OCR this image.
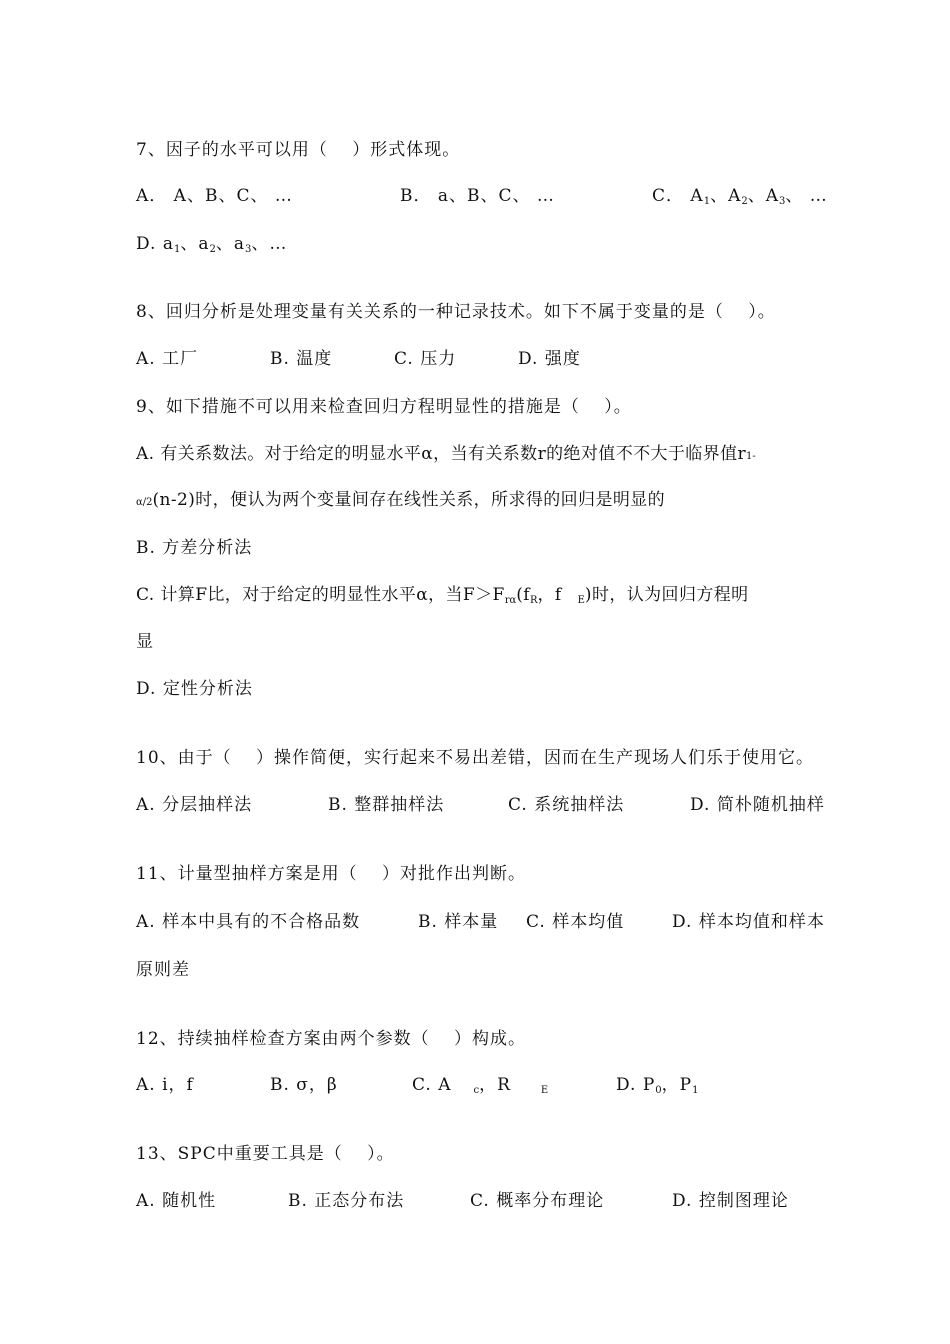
7、因子的水平可以用（　 ）形式体现。
A． A、B、C、 …	B． a、B、C、 …	C． $A_1$、$A_2$、$A_3$、 …
D. $a_1$、$a_2$、$a_3$、…
8、回归分析是处理变量有关关系的一种记录技术。如下不属于变量的是（　 ）。
A. 工厂	B. 温度	C. 压力	D. 强度
9、如下措施不可以用来检查回归方程明显性的措施是（　 ）。
A. 有关系数法。对于给定的明显水平α，当有关系数r的绝对值不不大于临界值r1-
α/2(n-2)时，便认为两个变量间存在线性关系，所求得的回归是明显的
B. 方差分析法
C. 计算F比，对于给定的明显性水平α，当$F>F_{r\alpha}(f_R$，f $_E$)时，认为回归方程明
显
D. 定性分析法
10、由于（　 ）操作简便，实行起来不易出差错，因而在生产现场人们乐于使用它。
A. 分层抽样法	B. 整群抽样法	C. 系统抽样法	D. 简朴随机抽样
11、计量型抽样方案是用（　 ）对批作出判断。
A. 样本中具有的不合格品数	B. 样本量 C. 样本均值	D. 样本均值和样本
原则差
12、持续抽样检查方案由两个参数（　 ）构成。
A. i，f	B. σ，β	C. A $_c$，R	$_E$	D. $P_0$，$P_1$
13、SPC中重要工具是（　 ）。
A. 随机性	B. 正态分布法	C. 概率分布理论	D. 控制图理论
